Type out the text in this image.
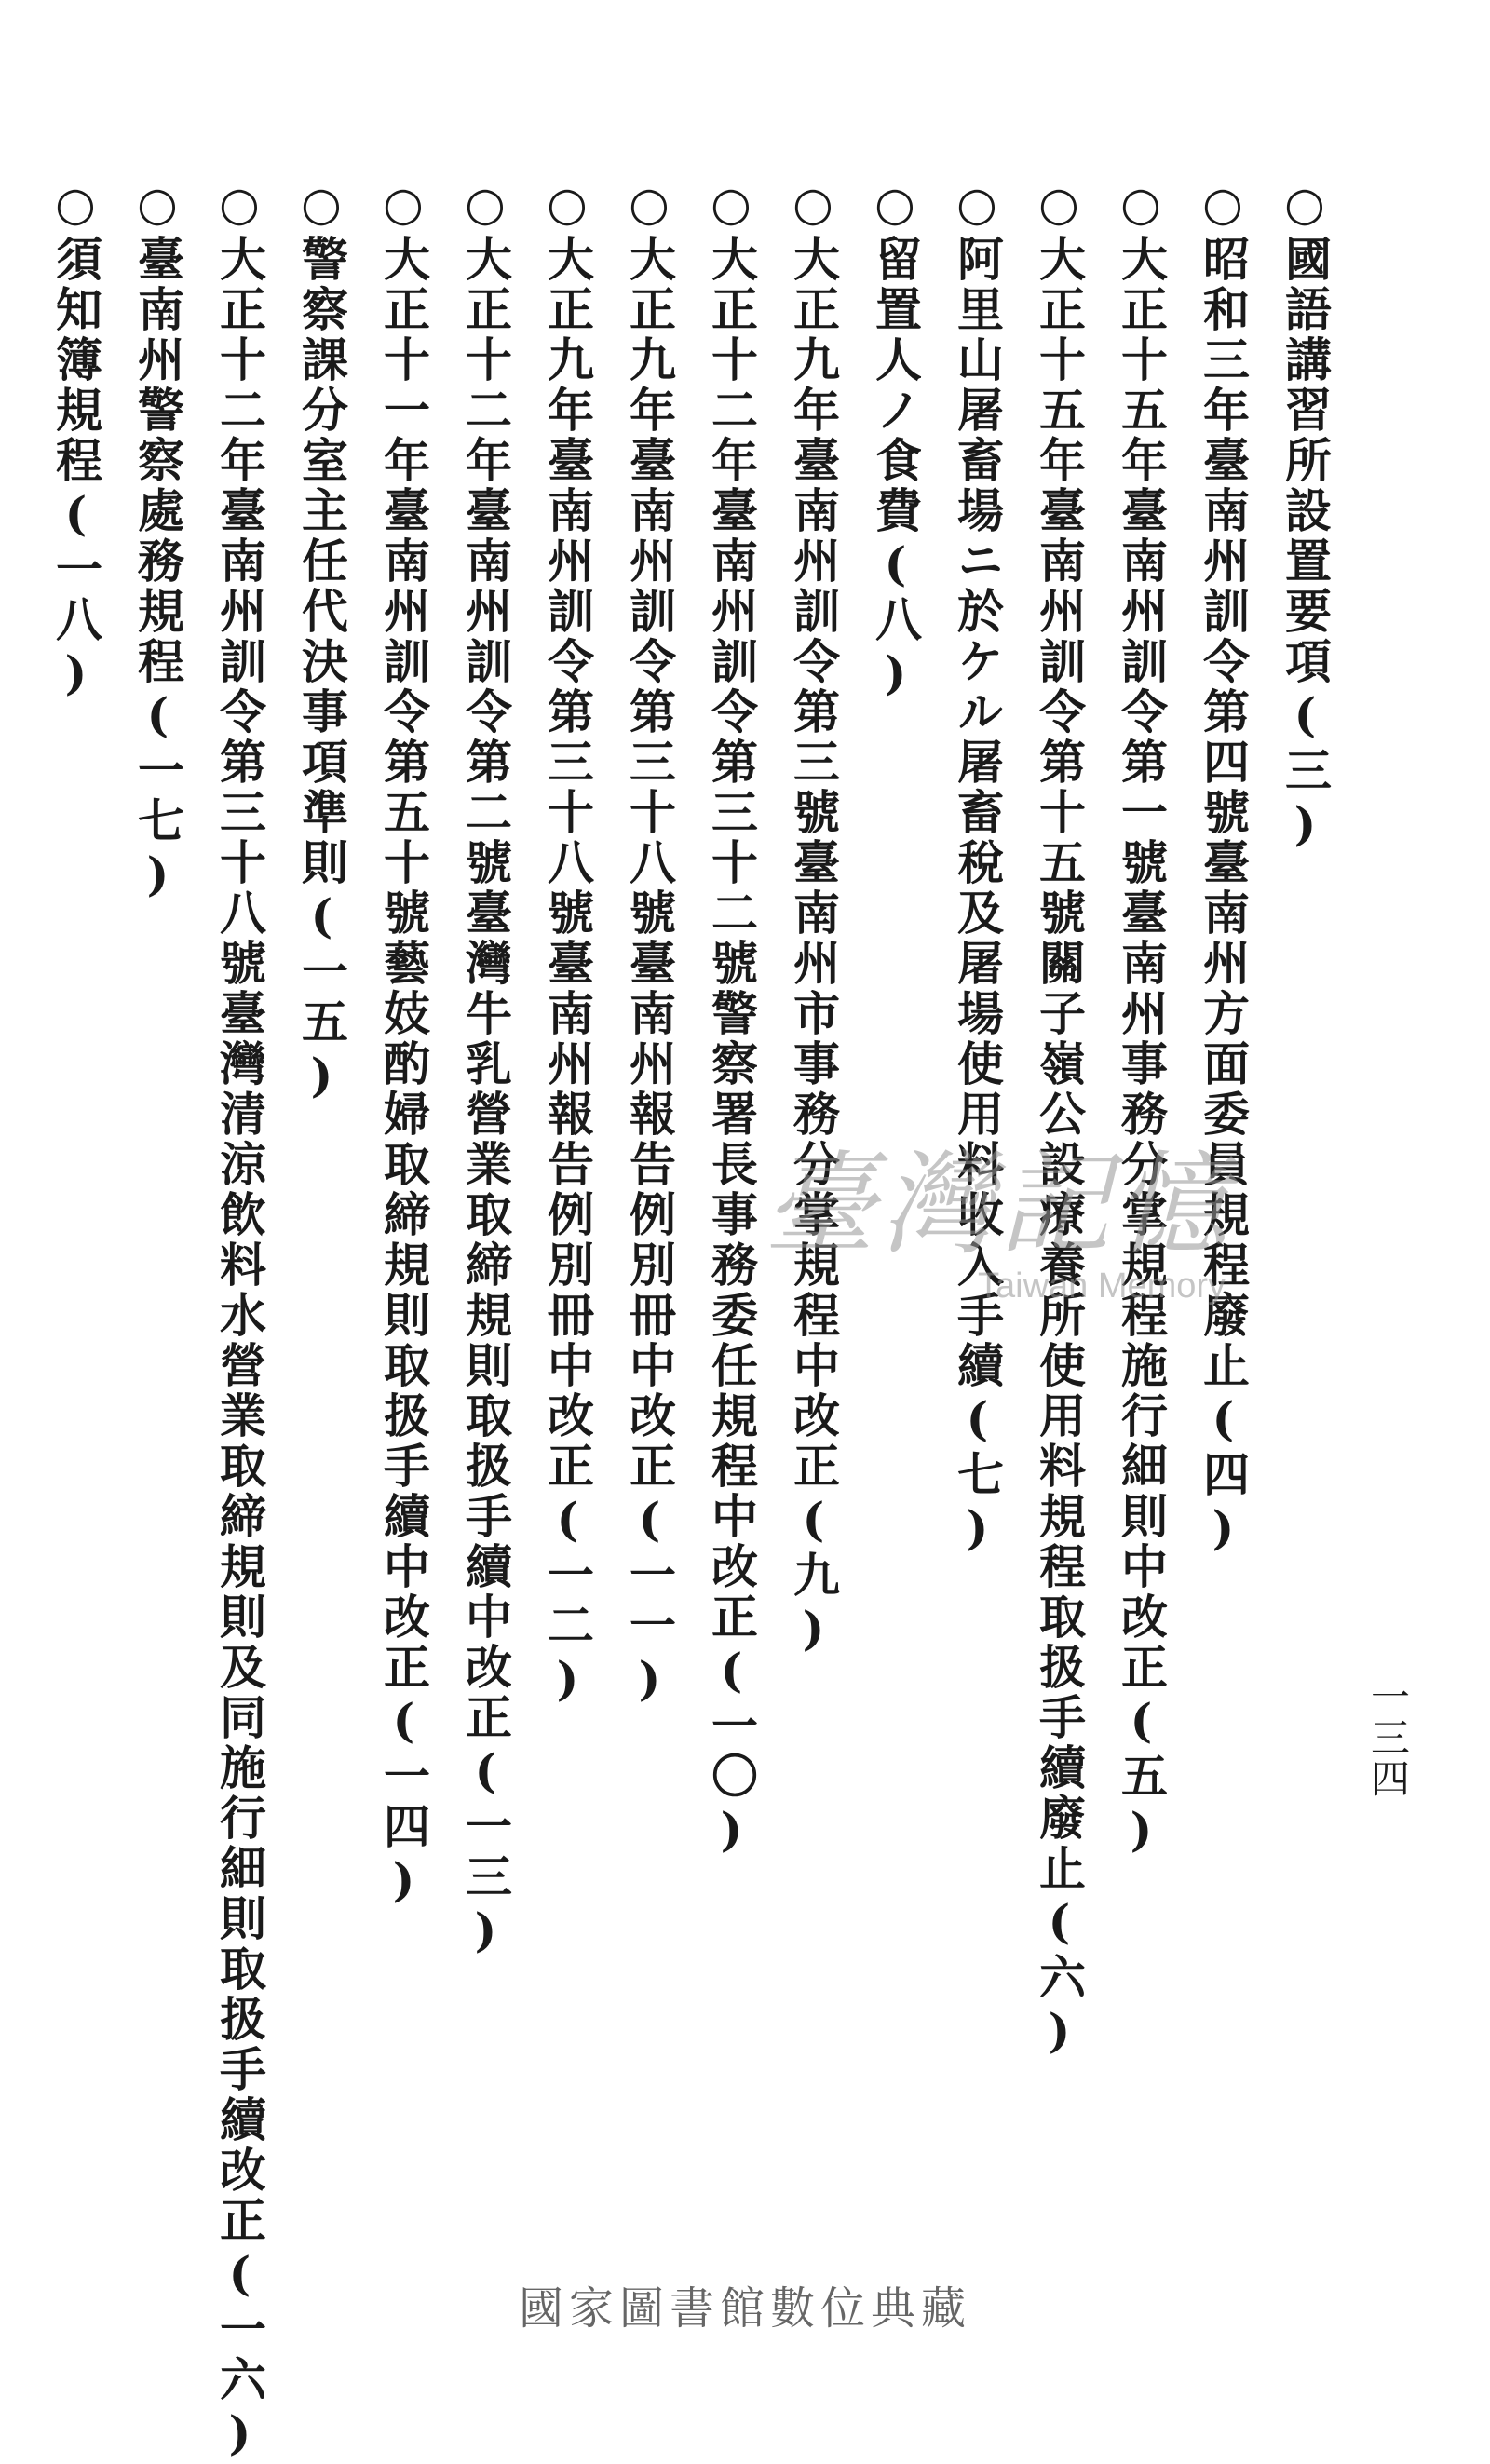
○國語講習所設置要項(三)
○昭和三年臺南州訓令第四號臺南州方面委員規程廢止(四)
○大正十五年臺南州訓令第一號臺南州事務分掌規程施行細則中改正(五)
○大正十五年臺南州訓令第十五號關子嶺公設療養所使用料規程取扱手續廢止(六)
○阿里山屠畜場ニ於ケル屠畜稅及屠場使用料收入手續(七)
○留置人ノ食費(八)
○大正九年臺南州訓令第三號臺南州市事務分掌規程中改正(九)
○大正十二年臺南州訓令第三十二號警察署長事務委任規程中改正(一〇)
○大正九年臺南州訓令第三十八號臺南州報告例別冊中改正(一一)
○大正九年臺南州訓令第三十八號臺南州報告例別冊中改正(一二)
○大正十二年臺南州訓令第二號臺灣牛乳營業取締規則取扱手續中改正(一三)
○大正十一年臺南州訓令第五十號藝妓酌婦取締規則取扱手續中改正(一四)
○警察課分室主任代決事項準則(一五)
○大正十二年臺南州訓令第三十八號臺灣清涼飲料水營業取締規則及同施行細則取扱手續改正(一六)
○臺南州警察處務規程(一七)
○須知簿規程(一八)
一三四
臺灣記憶
Taiwan Memory
國家圖書館數位典藏
